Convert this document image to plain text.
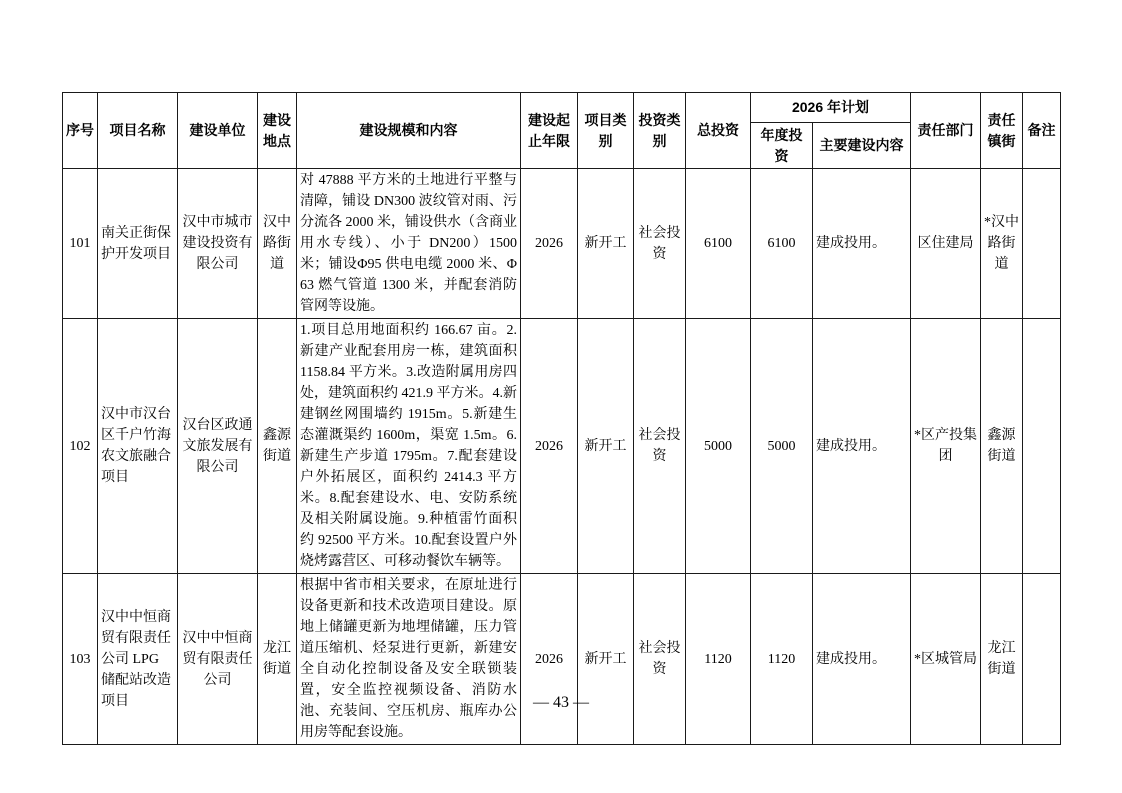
序号	项目名称	建设单位	建设地点	建设规模和内容	建设起止年限	项目类别	投资类别	总投资	2026 年计划		责任部门	责任镇街	备注
									年度投资	主要建设内容			
101	南关正街保护开发项目	汉中市城市建设投资有限公司	汉中路街道	对 47888 平方米的土地进行平整与清障，铺设 DN300 波纹管对雨、污分流各 2000 米，铺设供水（含商业用水专线）、小于 DN200）1500 米；铺设Φ95 供电电缆 2000 米、Φ63 燃气管道 1300 米，并配套消防管网等设施。	2026	新开工	社会投资	6100	6100	建成投用。	区住建局	*汉中路街道	
102	汉中市汉台区千户竹海农文旅融合项目	汉台区政通文旅发展有限公司	鑫源街道	1.项目总用地面积约 166.67 亩。2.新建产业配套用房一栋，建筑面积 1158.84 平方米。3.改造附属用房四处，建筑面积约 421.9 平方米。4.新建钢丝网围墙约 1915m。5.新建生态灌溉渠约 1600m，渠宽 1.5m。6.新建生产步道 1795m。7.配套建设户外拓展区，面积约 2414.3 平方米。8.配套建设水、电、安防系统及相关附属设施。9.种植雷竹面积约 92500 平方米。10.配套设置户外烧烤露营区、可移动餐饮车辆等。	2026	新开工	社会投资	5000	5000	建成投用。	*区产投集团	鑫源街道	
103	汉中中恒商贸有限责任公司 LPG 储配站改造项目	汉中中恒商贸有限责任公司	龙江街道	根据中省市相关要求，在原址进行设备更新和技术改造项目建设。原地上储罐更新为地埋储罐，压力管道压缩机、烃泵进行更新，新建安全自动化控制设备及安全联锁装置，安全监控视频设备、消防水池、充装间、空压机房、瓶库办公用房等配套设施。	2026	新开工	社会投资	1120	1120	建成投用。	*区城管局	龙江街道	
— 43 —
